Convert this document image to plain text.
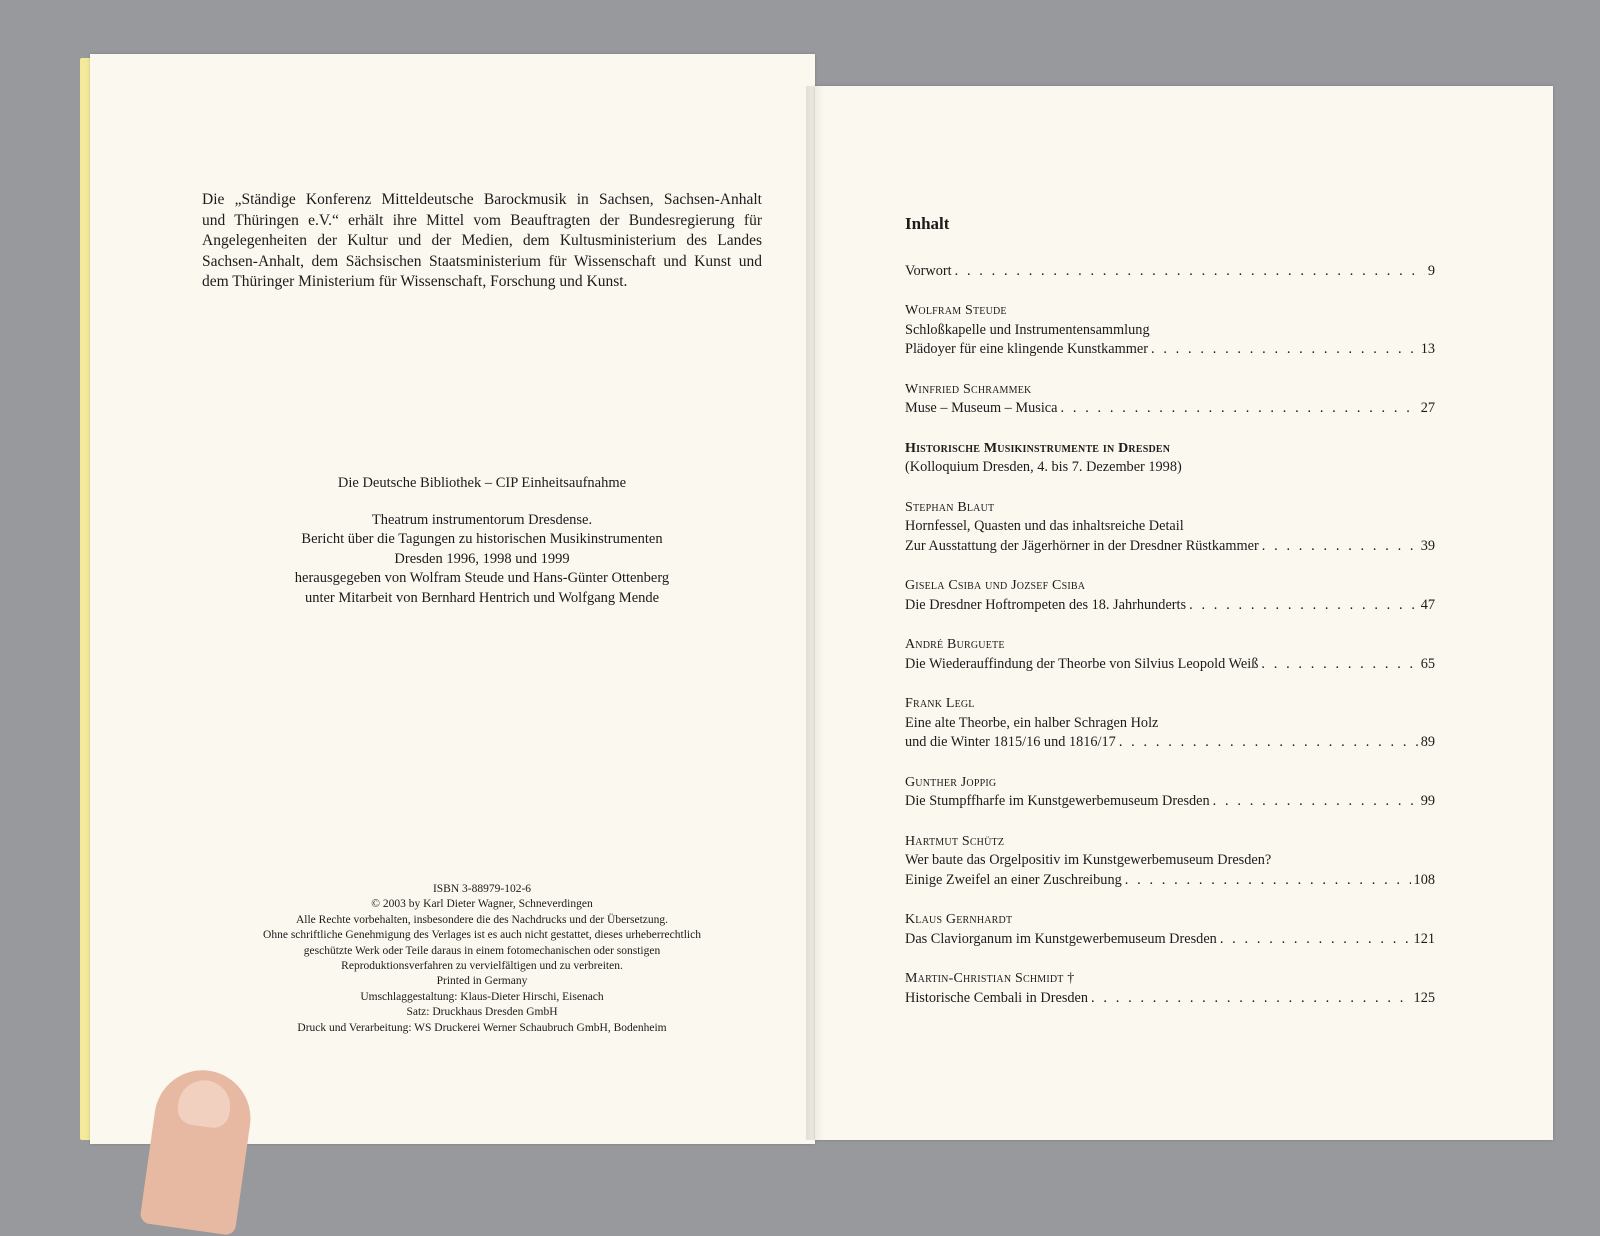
Die „Ständige Konferenz Mitteldeutsche Barockmusik in Sachsen, Sachsen-Anhalt
und Thüringen e.V.“ erhält ihre Mittel vom Beauftragten der Bundesregierung für
Angelegenheiten der Kultur und der Medien, dem Kultusministerium des Landes
Sachsen-Anhalt, dem Sächsischen Staatsministerium für Wissenschaft und Kunst und
dem Thüringer Ministerium für Wissenschaft, Forschung und Kunst.
Die Deutsche Bibliothek – CIP Einheitsaufnahme
Theatrum instrumentorum Dresdense.
Bericht über die Tagungen zu historischen Musikinstrumenten
Dresden 1996, 1998 und 1999
herausgegeben von Wolfram Steude und Hans-Günter Ottenberg
unter Mitarbeit von Bernhard Hentrich und Wolfgang Mende
ISBN 3-88979-102-6
© 2003 by Karl Dieter Wagner, Schneverdingen
Alle Rechte vorbehalten, insbesondere die des Nachdrucks und der Übersetzung.
Ohne schriftliche Genehmigung des Verlages ist es auch nicht gestattet, dieses urheberrechtlich
geschützte Werk oder Teile daraus in einem fotomechanischen oder sonstigen
Reproduktionsverfahren zu vervielfältigen und zu verbreiten.
Printed in Germany
Umschlaggestaltung: Klaus-Dieter Hirschi, Eisenach
Satz: Druckhaus Dresden GmbH
Druck und Verarbeitung: WS Druckerei Werner Schaubruch GmbH, Bodenheim
Inhalt
Vorwort . . .	9
Wolfram Steude
Schloßkapelle und Instrumentensammlung
Plädoyer für eine klingende Kunstkammer . . .	13
Winfried Schrammek
Muse – Museum – Musica . . .	27
Historische Musikinstrumente in Dresden
(Kolloquium Dresden, 4. bis 7. Dezember 1998)
Stephan Blaut
Hornfessel, Quasten und das inhaltsreiche Detail
Zur Ausstattung der Jägerhörner in der Dresdner Rüstkammer . . .	39
Gisela Csiba und Jozsef Csiba
Die Dresdner Hoftrompeten des 18. Jahrhunderts . . .	47
André Burguete
Die Wiederauffindung der Theorbe von Silvius Leopold Weiß . . .	65
Frank Legl
Eine alte Theorbe, ein halber Schragen Holz
und die Winter 1815/16 und 1816/17 . . .	89
Gunther Joppig
Die Stumpffharfe im Kunstgewerbemuseum Dresden . . .	99
Hartmut Schütz
Wer baute das Orgelpositiv im Kunstgewerbemuseum Dresden?
Einige Zweifel an einer Zuschreibung . . .	108
Klaus Gernhardt
Das Claviorganum im Kunstgewerbemuseum Dresden . . .	121
Martin-Christian Schmidt †
Historische Cembali in Dresden . . .	125
